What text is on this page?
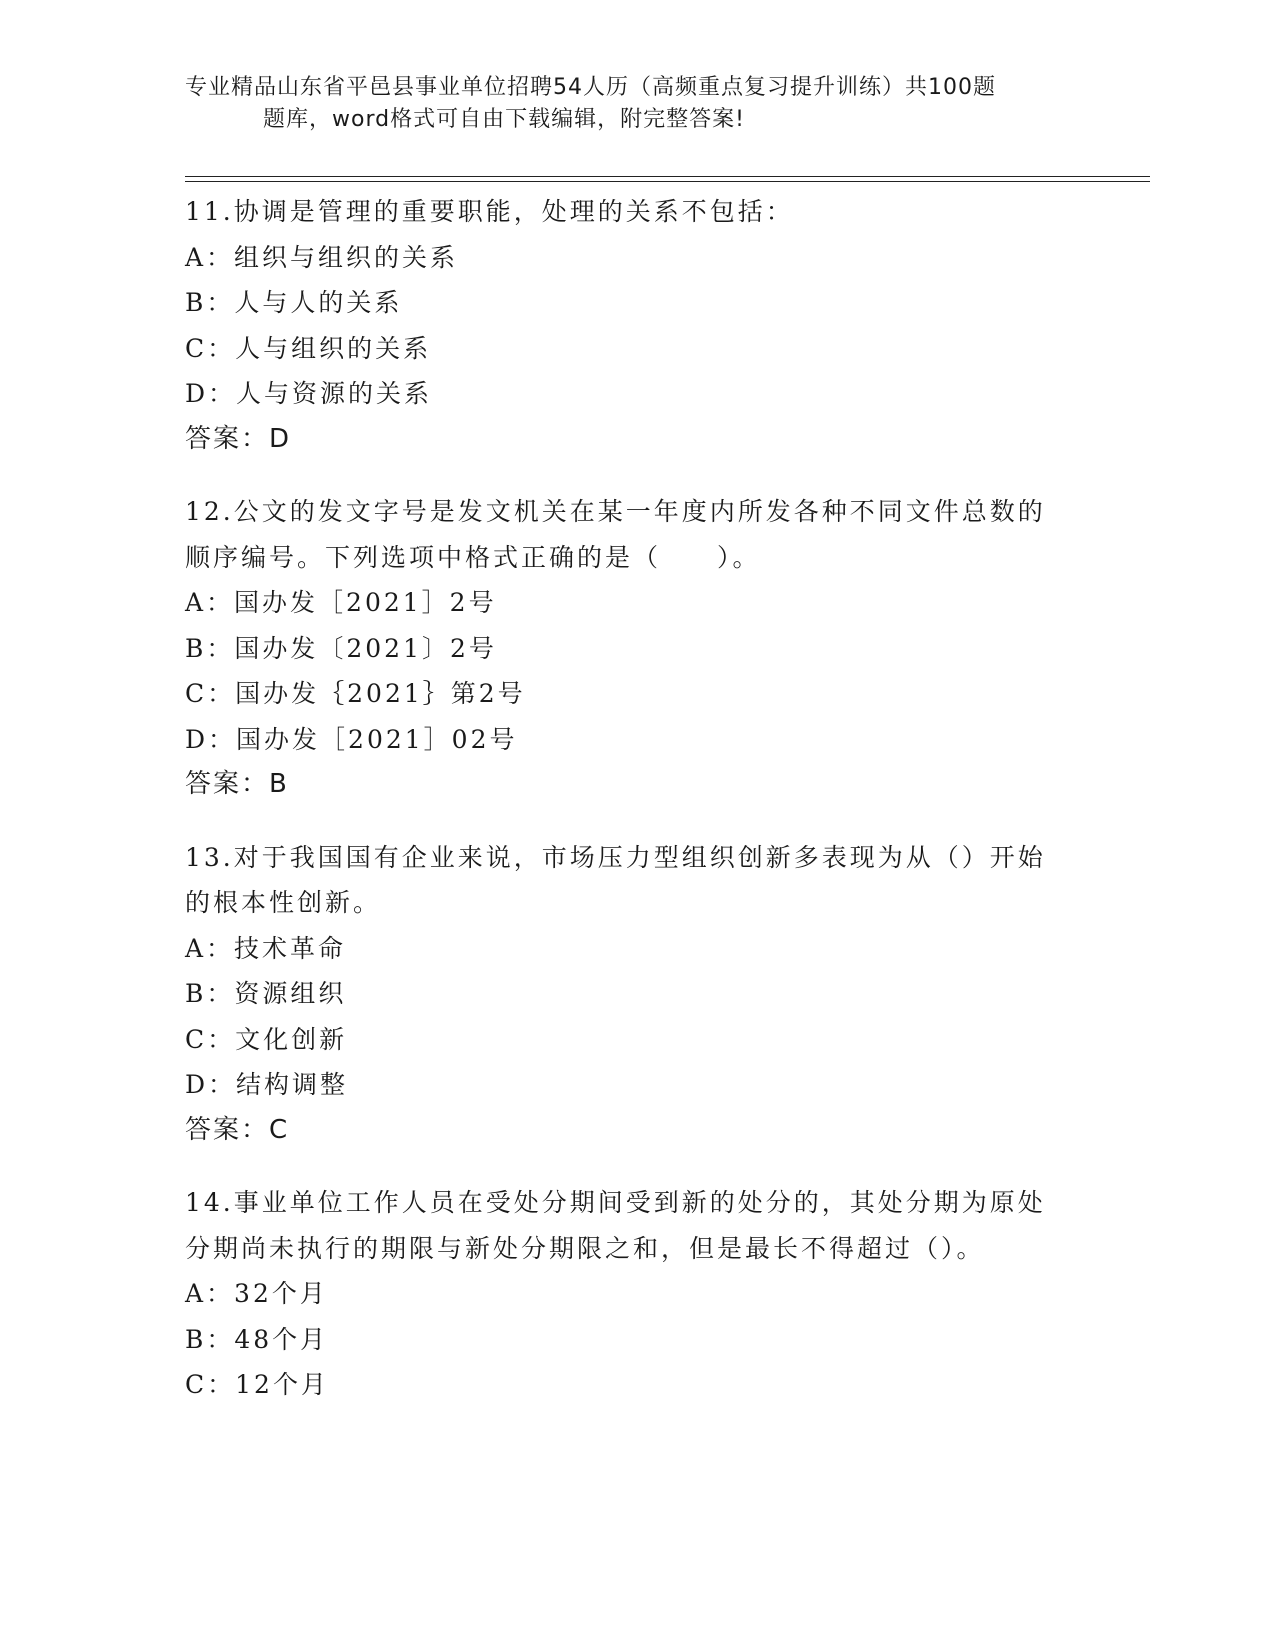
专业精品山东省平邑县事业单位招聘54人历（高频重点复习提升训练）共100题
题库，word格式可自由下载编辑，附完整答案!
11.协调是管理的重要职能，处理的关系不包括：
A：组织与组织的关系
B：人与人的关系
C：人与组织的关系
D：人与资源的关系
答案：D
12.公文的发文字号是发文机关在某一年度内所发各种不同文件总数的
顺序编号。下列选项中格式正确的是（　　）。
A：国办发［2021］2号
B：国办发〔2021〕2号
C：国办发｛2021｝第2号
D：国办发［2021］02号
答案：B
13.对于我国国有企业来说，市场压力型组织创新多表现为从（）开始
的根本性创新。
A：技术革命
B：资源组织
C：文化创新
D：结构调整
答案：C
14.事业单位工作人员在受处分期间受到新的处分的，其处分期为原处
分期尚未执行的期限与新处分期限之和，但是最长不得超过（）。
A：32个月
B：48个月
C：12个月
